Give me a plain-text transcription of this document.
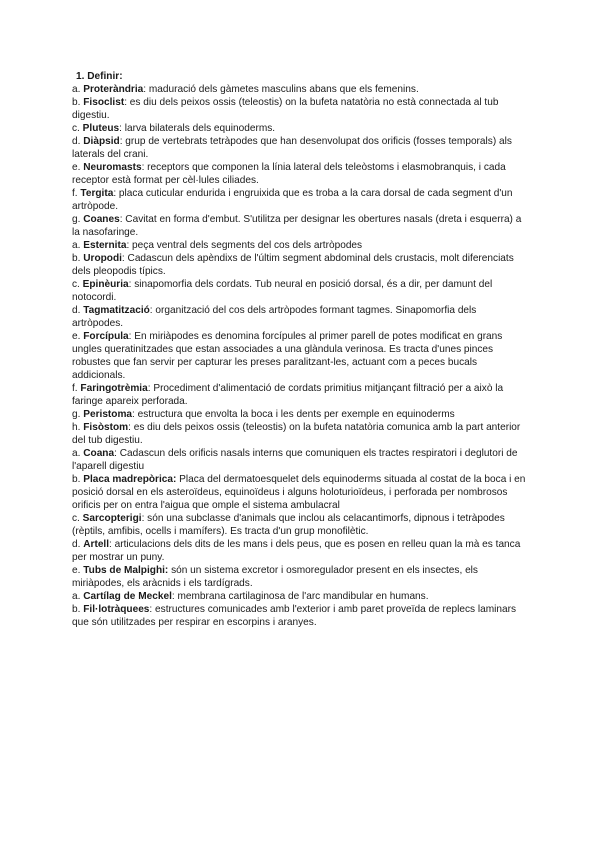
1. Definir:

a. Proteràndria: maduració dels gàmetes masculins abans que els femenins.

b. Fisoclist: es diu dels peixos ossis (teleostis) on la bufeta natatòria no està connectada al tub digestiu.

c. Pluteus: larva bilaterals dels equinoderms.

d. Diàpsid: grup de vertebrats tetràpodes que han desenvolupat dos orificis (fosses temporals) als laterals del crani.

e. Neuromasts: receptors que componen la línia lateral dels teleòstoms i elasmobranquis, i cada receptor està format per cèl·lules ciliades.

f. Tergita: placa cuticular endurida i engruixida que es troba a la cara dorsal de cada segment d'un artròpode.

g. Coanes: Cavitat en forma d'embut. S'utilitza per designar les obertures nasals (dreta i esquerra) a la nasofaringe.

a. Esternita: peça ventral dels segments del cos dels artròpodes

b. Uropodi: Cadascun dels apèndixs de l'últim segment abdominal dels crustacis, molt diferenciats dels pleopodis típics.

c. Epinèuria: sinapomorfia dels cordats. Tub neural en posició dorsal, és a dir, per damunt del notocordi.

d. Tagmatització: organització del cos dels artròpodes formant tagmes. Sinapomorfia dels artròpodes.

e. Forcípula: En miriàpodes es denomina forcípules al primer parell de potes modificat en grans ungles queratinitzades que estan associades a una glàndula verinosa. Es tracta d'unes pinces robustes que fan servir per capturar les preses paralitzant-les, actuant com a peces bucals addicionals.

f. Faringotrèmia: Procediment d'alimentació de cordats primitius mitjançant filtració per a això la faringe apareix perforada.

g. Peristoma: estructura que envolta la boca i les dents per exemple en equinoderms

h. Fisòstom: es diu dels peixos ossis (teleostis) on la bufeta natatòria comunica amb la part anterior del tub digestiu.

a. Coana: Cadascun dels orificis nasals interns que comuniquen els tractes respiratori i deglutori de l'aparell digestiu

b. Placa madrepòrica: Placa del dermatoesquelet dels equinoderms situada al costat de la boca i en posició dorsal en els asteroïdeus, equinoïdeus i alguns holoturioïdeus, i perforada per nombrosos orificis per on entra l'aigua que omple el sistema ambulacral

c. Sarcopterigi: són una subclasse d'animals que inclou als celacantimorfs, dipnous i tetràpodes (rèptils, amfibis, ocells i mamífers). Es tracta d'un grup monofilètic.

d. Artell: articulacions dels dits de les mans i dels peus, que es posen en relleu quan la mà es tanca per mostrar un puny.

e. Tubs de Malpighi: són un sistema excretor i osmoregulador present en els insectes, els miriàpodes, els aràcnids i els tardígrads.

a. Cartílag de Meckel: membrana cartilaginosa de l'arc mandibular en humans.

b. Fil·lotràquees: estructures comunicades amb l'exterior i amb paret proveïda de replecs laminars que són utilitzades per respirar en escorpins i aranyes.
